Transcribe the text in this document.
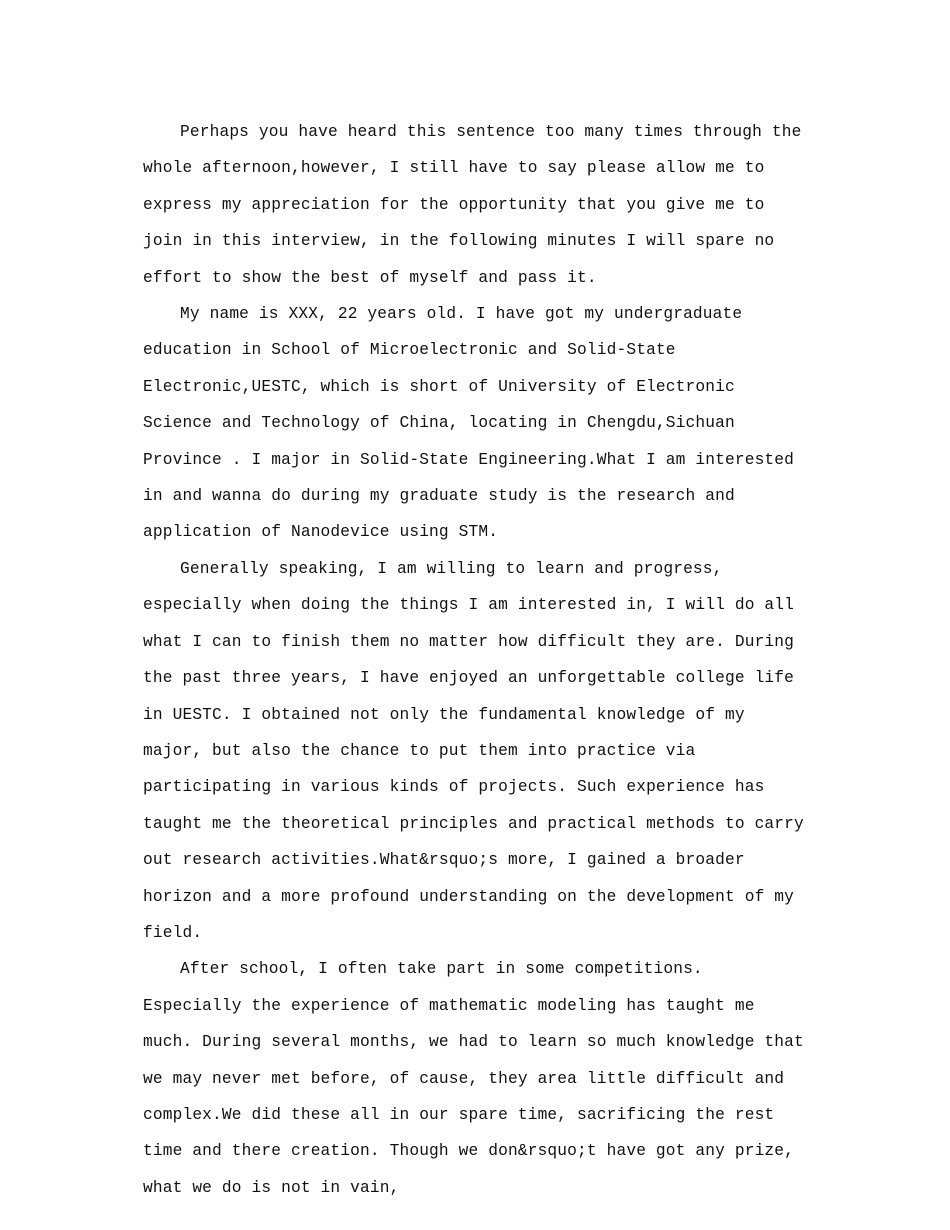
Perhaps you have heard this sentence too many times through the whole afternoon,however, I still have to say please allow me to express my appreciation for the opportunity that you give me to join in this interview, in the following minutes I will spare no effort to show the best of myself and pass it.

My name is XXX, 22 years old. I have got my undergraduate education in School of Microelectronic and Solid-State Electronic,UESTC, which is short of University of Electronic Science and Technology of China, locating in Chengdu,Sichuan Province . I major in Solid-State Engineering.What I am interested in and wanna do during my graduate study is the research and application of Nanodevice using STM.

Generally speaking, I am willing to learn and progress, especially when doing the things I am interested in, I will do all what I can to finish them no matter how difficult they are. During the past three years, I have enjoyed an unforgettable college life in UESTC. I obtained not only the fundamental knowledge of my major, but also the chance to put them into practice via participating in various kinds of projects. Such experience has taught me the theoretical principles and practical methods to carry out research activities.What&rsquo;s more, I gained a broader horizon and a more profound understanding on the development of my field.

After school, I often take part in some competitions. Especially the experience of mathematic modeling has taught me much. During several months, we had to learn so much knowledge that we may never met before, of cause, they area little difficult and complex.We did these all in our spare time, sacrificing the rest time and there creation. Though we don&rsquo;t have got any prize, what we do is not in vain,
